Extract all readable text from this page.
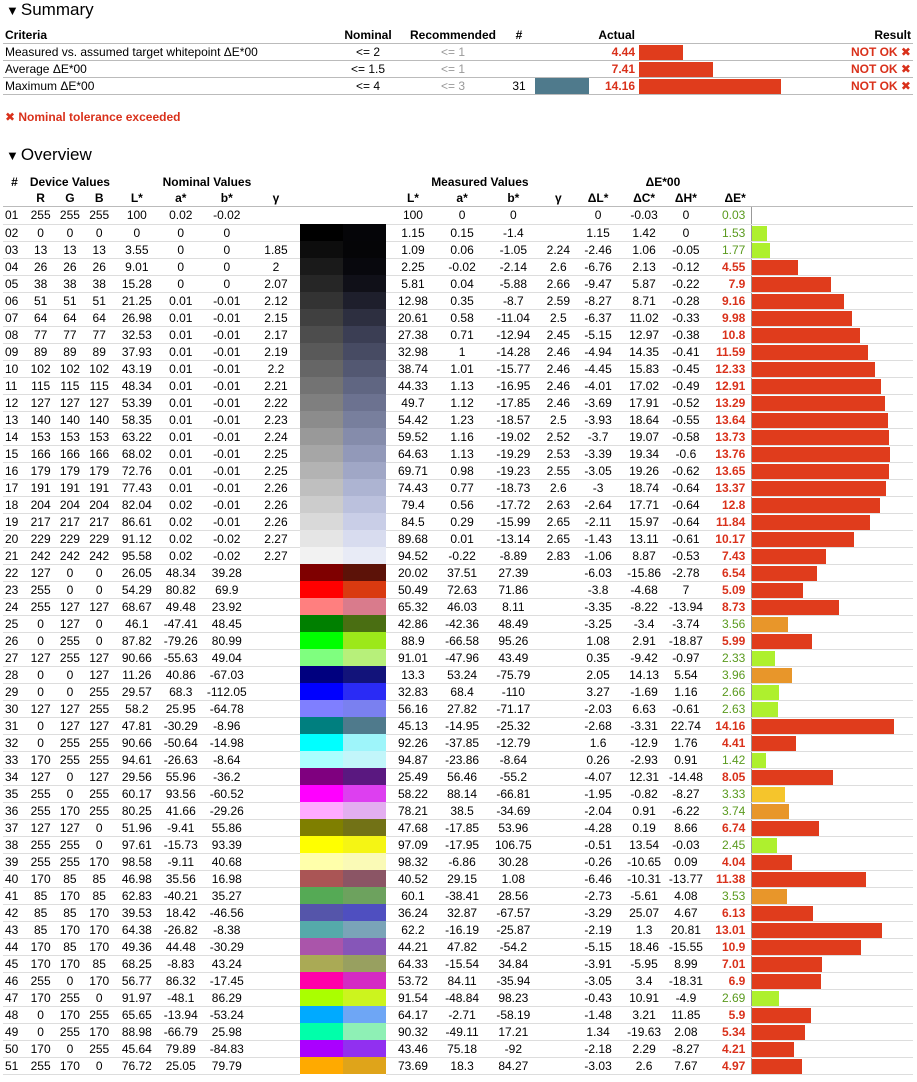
▼ Summary
Criteria	Nominal	Recommended	#	Actual			Result
Measured vs. assumed target whitepoint ΔE*00	<= 2	<= 1			4.44		NOT OK ✖
Average ΔE*00	<= 1.5	<= 1			7.41		NOT OK ✖
Maximum ΔE*00	<= 4	<= 3	31		14.16		NOT OK ✖
✖ Nominal tolerance exceeded
▼ Overview
#	Device Values			Nominal Values					Measured Values				ΔE*00				
	R	G	B	L*	a*	b*	γ		L*	a*	b*	γ	ΔL*	ΔC*	ΔH*	ΔE*	
01	255	255	255	100	0.02	-0.02			100	0	0		0	-0.03	0	0.03	

02	0	0	0	0	0	0			1.15	0.15	-1.4		1.15	1.42	0	1.53	

03	13	13	13	3.55	0	0	1.85		1.09	0.06	-1.05	2.24	-2.46	1.06	-0.05	1.77	

04	26	26	26	9.01	0	0	2		2.25	-0.02	-2.14	2.6	-6.76	2.13	-0.12	4.55	

05	38	38	38	15.28	0	0	2.07		5.81	0.04	-5.88	2.66	-9.47	5.87	-0.22	7.9	

06	51	51	51	21.25	0.01	-0.01	2.12		12.98	0.35	-8.7	2.59	-8.27	8.71	-0.28	9.16	

07	64	64	64	26.98	0.01	-0.01	2.15		20.61	0.58	-11.04	2.5	-6.37	11.02	-0.33	9.98	

08	77	77	77	32.53	0.01	-0.01	2.17		27.38	0.71	-12.94	2.45	-5.15	12.97	-0.38	10.8	

09	89	89	89	37.93	0.01	-0.01	2.19		32.98	1	-14.28	2.46	-4.94	14.35	-0.41	11.59	

10	102	102	102	43.19	0.01	-0.01	2.2		38.74	1.01	-15.77	2.46	-4.45	15.83	-0.45	12.33	

11	115	115	115	48.34	0.01	-0.01	2.21		44.33	1.13	-16.95	2.46	-4.01	17.02	-0.49	12.91	

12	127	127	127	53.39	0.01	-0.01	2.22		49.7	1.12	-17.85	2.46	-3.69	17.91	-0.52	13.29	

13	140	140	140	58.35	0.01	-0.01	2.23		54.42	1.23	-18.57	2.5	-3.93	18.64	-0.55	13.64	

14	153	153	153	63.22	0.01	-0.01	2.24		59.52	1.16	-19.02	2.52	-3.7	19.07	-0.58	13.73	

15	166	166	166	68.02	0.01	-0.01	2.25		64.63	1.13	-19.29	2.53	-3.39	19.34	-0.6	13.76	

16	179	179	179	72.76	0.01	-0.01	2.25		69.71	0.98	-19.23	2.55	-3.05	19.26	-0.62	13.65	

17	191	191	191	77.43	0.01	-0.01	2.26		74.43	0.77	-18.73	2.6	-3	18.74	-0.64	13.37	

18	204	204	204	82.04	0.02	-0.01	2.26		79.4	0.56	-17.72	2.63	-2.64	17.71	-0.64	12.8	

19	217	217	217	86.61	0.02	-0.01	2.26		84.5	0.29	-15.99	2.65	-2.11	15.97	-0.64	11.84	

20	229	229	229	91.12	0.02	-0.02	2.27		89.68	0.01	-13.14	2.65	-1.43	13.11	-0.61	10.17	

21	242	242	242	95.58	0.02	-0.02	2.27		94.52	-0.22	-8.89	2.83	-1.06	8.87	-0.53	7.43	

22	127	0	0	26.05	48.34	39.28			20.02	37.51	27.39		-6.03	-15.86	-2.78	6.54	

23	255	0	0	54.29	80.82	69.9			50.49	72.63	71.86		-3.8	-4.68	7	5.09	

24	255	127	127	68.67	49.48	23.92			65.32	46.03	8.11		-3.35	-8.22	-13.94	8.73	

25	0	127	0	46.1	-47.41	48.45			42.86	-42.36	48.49		-3.25	-3.4	-3.74	3.56	

26	0	255	0	87.82	-79.26	80.99			88.9	-66.58	95.26		1.08	2.91	-18.87	5.99	

27	127	255	127	90.66	-55.63	49.04			91.01	-47.96	43.49		0.35	-9.42	-0.97	2.33	

28	0	0	127	11.26	40.86	-67.03			13.3	53.24	-75.79		2.05	14.13	5.54	3.96	

29	0	0	255	29.57	68.3	-112.05			32.83	68.4	-110		3.27	-1.69	1.16	2.66	

30	127	127	255	58.2	25.95	-64.78			56.16	27.82	-71.17		-2.03	6.63	-0.61	2.63	

31	0	127	127	47.81	-30.29	-8.96			45.13	-14.95	-25.32		-2.68	-3.31	22.74	14.16	

32	0	255	255	90.66	-50.64	-14.98			92.26	-37.85	-12.79		1.6	-12.9	1.76	4.41	

33	170	255	255	94.61	-26.63	-8.64			94.87	-23.86	-8.64		0.26	-2.93	0.91	1.42	

34	127	0	127	29.56	55.96	-36.2			25.49	56.46	-55.2		-4.07	12.31	-14.48	8.05	

35	255	0	255	60.17	93.56	-60.52			58.22	88.14	-66.81		-1.95	-0.82	-8.27	3.33	

36	255	170	255	80.25	41.66	-29.26			78.21	38.5	-34.69		-2.04	0.91	-6.22	3.74	

37	127	127	0	51.96	-9.41	55.86			47.68	-17.85	53.96		-4.28	0.19	8.66	6.74	

38	255	255	0	97.61	-15.73	93.39			97.09	-17.95	106.75		-0.51	13.54	-0.03	2.45	

39	255	255	170	98.58	-9.11	40.68			98.32	-6.86	30.28		-0.26	-10.65	0.09	4.04	

40	170	85	85	46.98	35.56	16.98			40.52	29.15	1.08		-6.46	-10.31	-13.77	11.38	

41	85	170	85	62.83	-40.21	35.27			60.1	-38.41	28.56		-2.73	-5.61	4.08	3.53	

42	85	85	170	39.53	18.42	-46.56			36.24	32.87	-67.57		-3.29	25.07	4.67	6.13	

43	85	170	170	64.38	-26.82	-8.38			62.2	-16.19	-25.87		-2.19	1.3	20.81	13.01	

44	170	85	170	49.36	44.48	-30.29			44.21	47.82	-54.2		-5.15	18.46	-15.55	10.9	

45	170	170	85	68.25	-8.83	43.24			64.33	-15.54	34.84		-3.91	-5.95	8.99	7.01	

46	255	0	170	56.77	86.32	-17.45			53.72	84.11	-35.94		-3.05	3.4	-18.31	6.9	

47	170	255	0	91.97	-48.1	86.29			91.54	-48.84	98.23		-0.43	10.91	-4.9	2.69	

48	0	170	255	65.65	-13.94	-53.24			64.17	-2.71	-58.19		-1.48	3.21	11.85	5.9	

49	0	255	170	88.98	-66.79	25.98			90.32	-49.11	17.21		1.34	-19.63	2.08	5.34	

50	170	0	255	45.64	79.89	-84.83			43.46	75.18	-92		-2.18	2.29	-8.27	4.21	

51	255	170	0	76.72	25.05	79.79			73.69	18.3	84.27		-3.03	2.6	7.67	4.97	
